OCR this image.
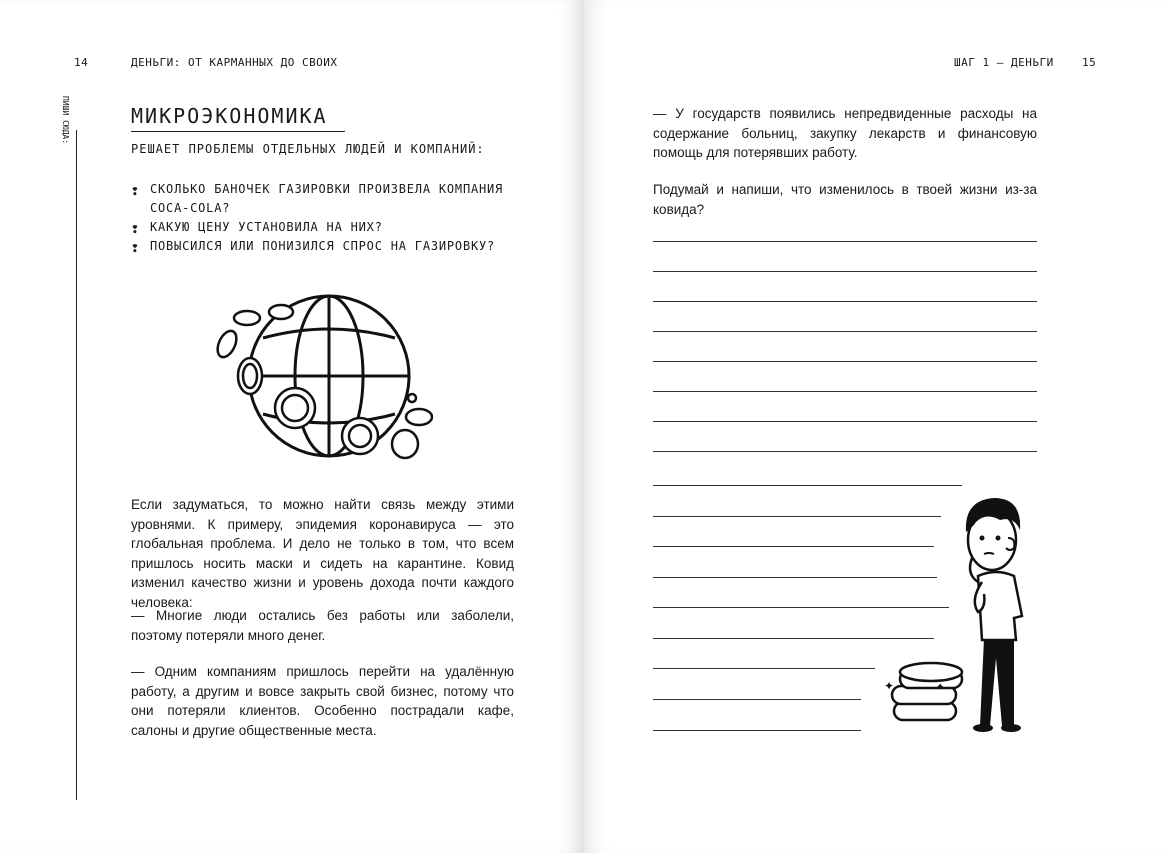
14	ДЕНЬГИ: ОТ КАРМАННЫХ ДО СВОИХ
ПИШИ СЮДА:	МИКРОЭКОНОМИКА
РЕШАЕТ ПРОБЛЕМЫ ОТДЕЛЬНЫХ ЛЮДЕЙ И КОМПАНИЙ:
❢ СКОЛЬКО БАНОЧЕК ГАЗИРОВКИ ПРОИЗВЕЛА КОМПАНИЯ COCA-COLA?
❢ КАКУЮ ЦЕНУ УСТАНОВИЛА НА НИХ?
❢ ПОВЫСИЛСЯ ИЛИ ПОНИЗИЛСЯ СПРОС НА ГАЗИРОВКУ?
Если задуматься, то можно найти связь между этими уровнями. К примеру, эпидемия коронавируса — это глобальная проблема. И дело не только в том, что всем пришлось носить маски и сидеть на карантине. Ковид изменил качество жизни и уровень дохода почти каждого человека:
— Многие люди остались без работы или заболели, поэтому потеряли много денег.
— Одним компаниям пришлось перейти на удалённую работу, а другим и вовсе закрыть свой бизнес, потому что они потеряли клиентов. Особенно пострадали кафе, салоны и другие общественные места.
ШАГ 1 — ДЕНЬГИ	15
— У государств появились непредвиденные расходы на содержание больниц, закупку лекарств и финансовую помощь для потерявших работу.
Подумай и напиши, что изменилось в твоей жизни из-за ковида?
✦	✦
